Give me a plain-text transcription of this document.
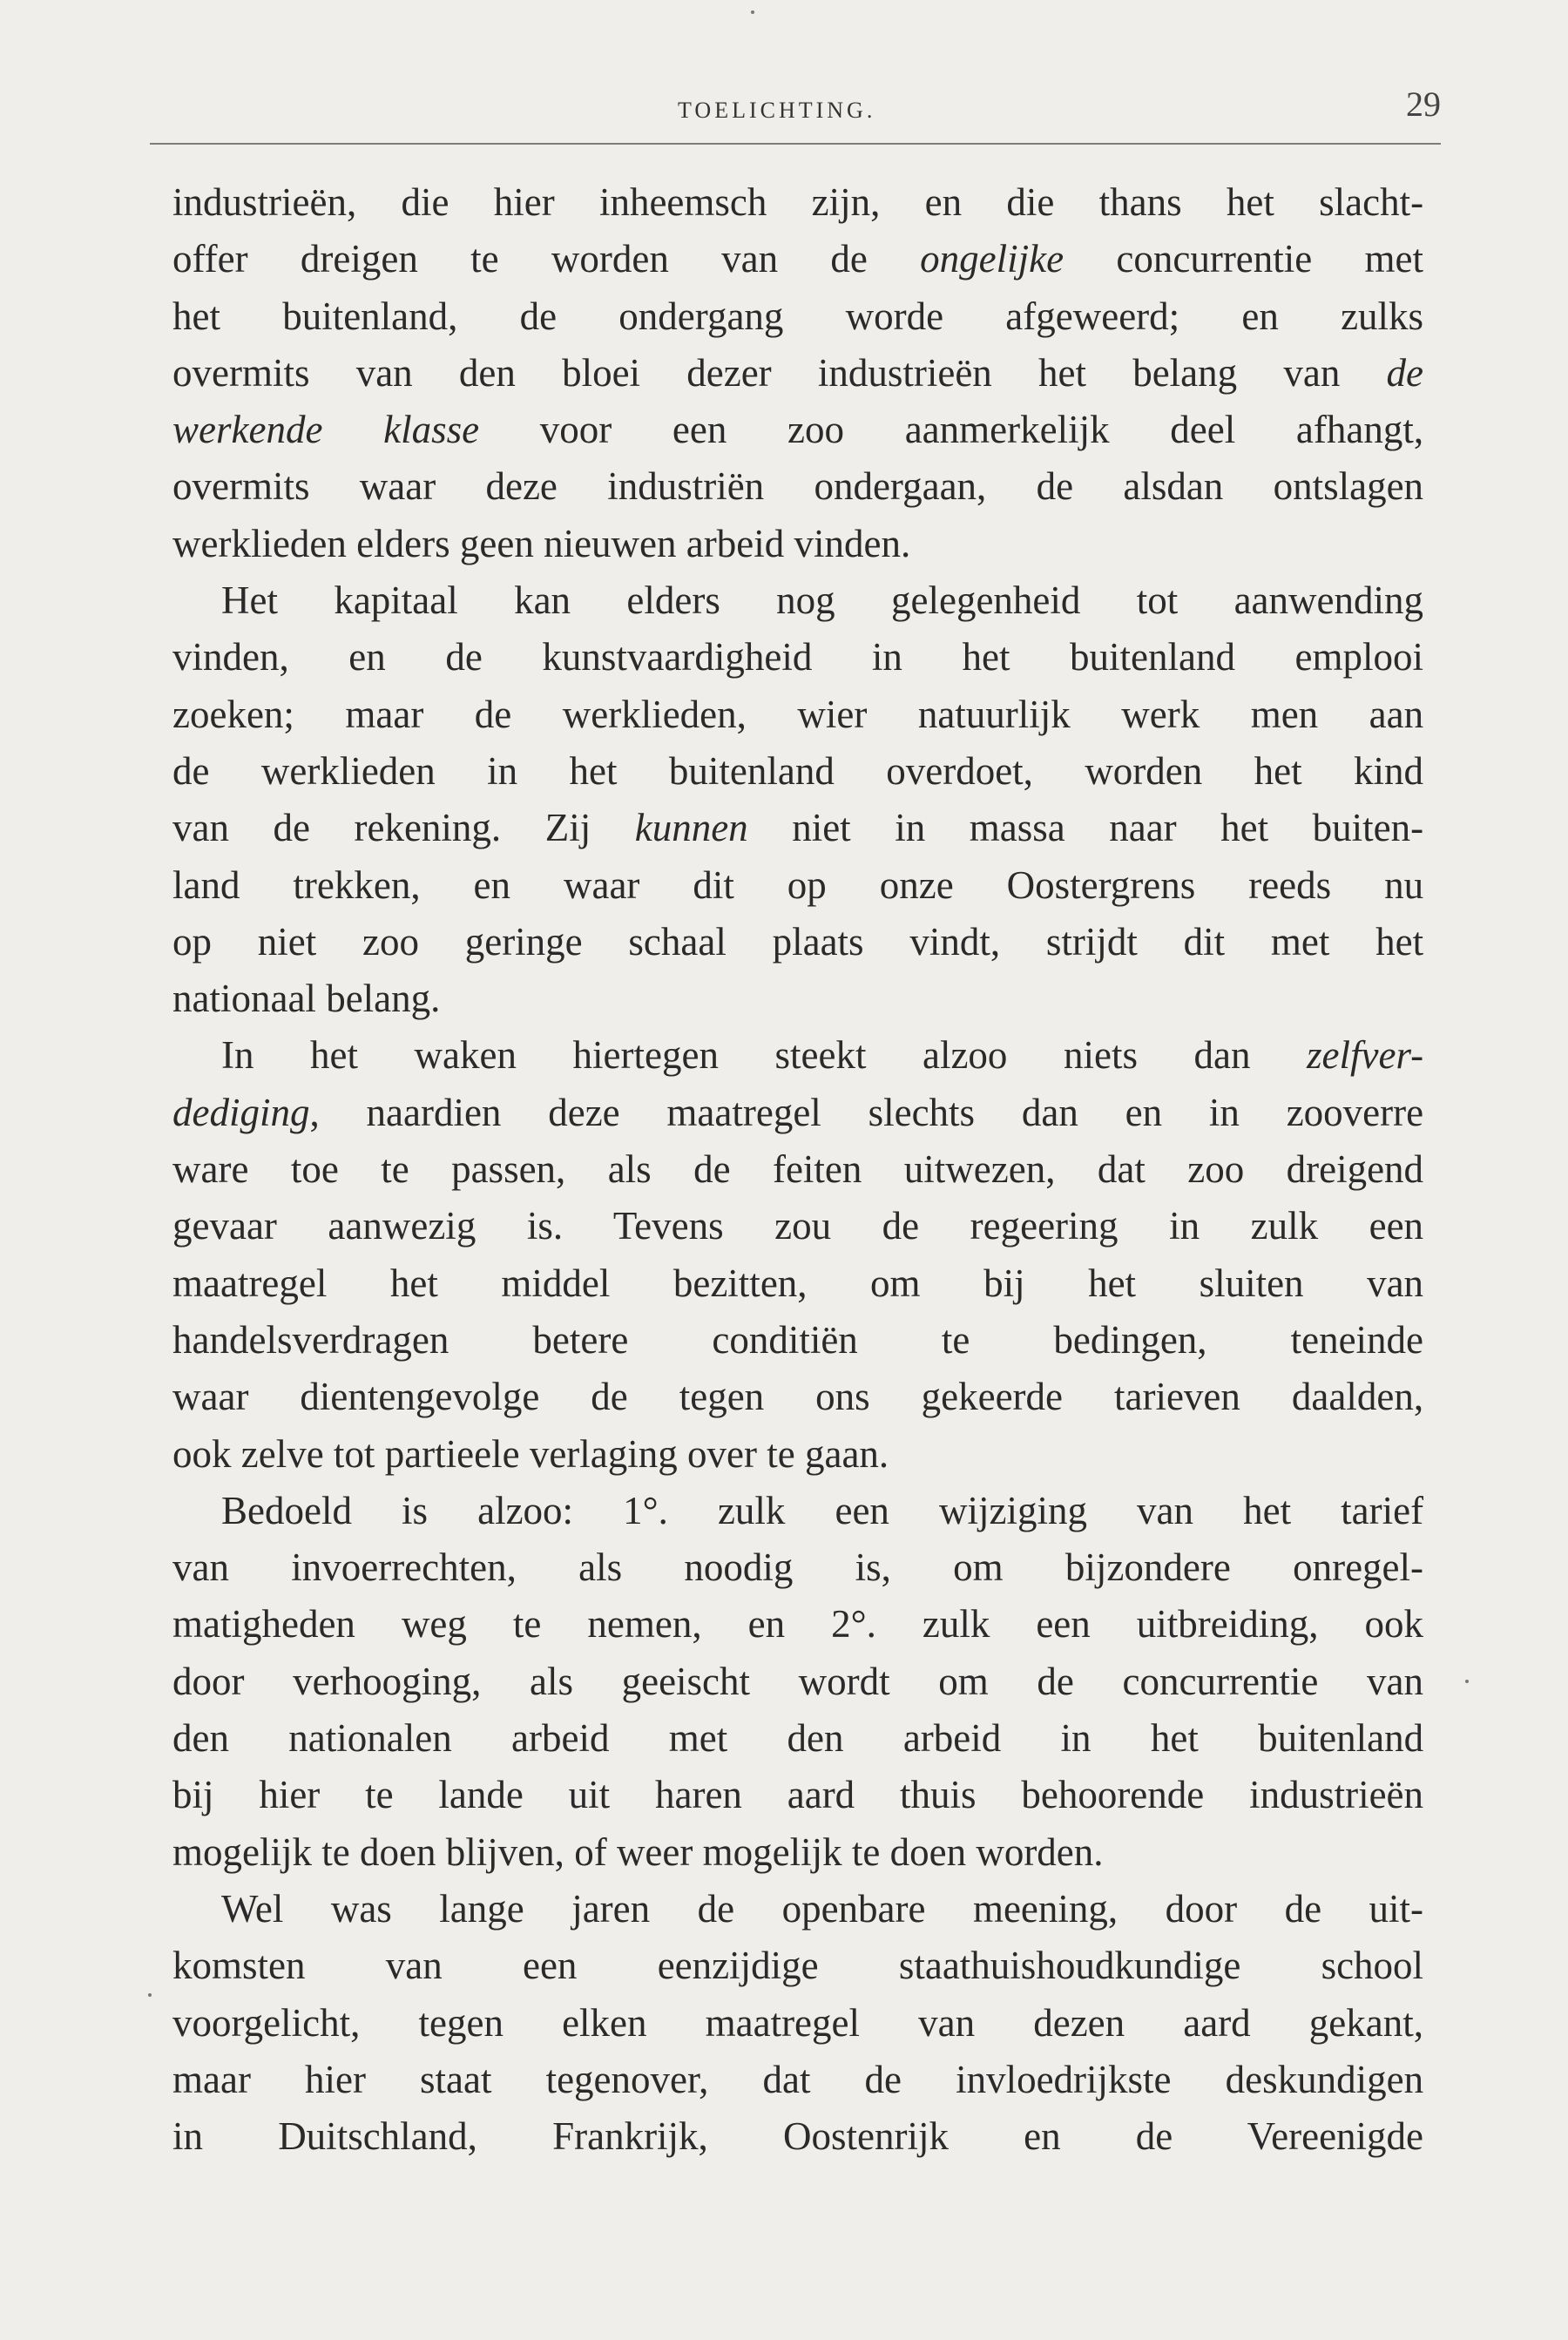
TOELICHTING.	29
industrieën, die hier inheemsch zijn, en die thans het slacht-
offer dreigen te worden van de ongelijke concurrentie met
het buitenland, de ondergang worde afgeweerd; en zulks
overmits van den bloei dezer industrieën het belang van de
werkende klasse voor een zoo aanmerkelijk deel afhangt,
overmits waar deze industriën ondergaan, de alsdan ontslagen
werklieden elders geen nieuwen arbeid vinden.
Het kapitaal kan elders nog gelegenheid tot aanwending
vinden, en de kunstvaardigheid in het buitenland emplooi
zoeken; maar de werklieden, wier natuurlijk werk men aan
de werklieden in het buitenland overdoet, worden het kind
van de rekening. Zij kunnen niet in massa naar het buiten-
land trekken, en waar dit op onze Oostergrens reeds nu
op niet zoo geringe schaal plaats vindt, strijdt dit met het
nationaal belang.
In het waken hiertegen steekt alzoo niets dan zelfver-
dediging, naardien deze maatregel slechts dan en in zooverre
ware toe te passen, als de feiten uitwezen, dat zoo dreigend
gevaar aanwezig is. Tevens zou de regeering in zulk een
maatregel het middel bezitten, om bij het sluiten van
handelsverdragen betere conditiën te bedingen, teneinde
waar dientengevolge de tegen ons gekeerde tarieven daalden,
ook zelve tot partieele verlaging over te gaan.
Bedoeld is alzoo: 1°. zulk een wijziging van het tarief
van invoerrechten, als noodig is, om bijzondere onregel-
matigheden weg te nemen, en 2°. zulk een uitbreiding, ook
door verhooging, als geeischt wordt om de concurrentie van
den nationalen arbeid met den arbeid in het buitenland
bij hier te lande uit haren aard thuis behoorende industrieën
mogelijk te doen blijven, of weer mogelijk te doen worden.
Wel was lange jaren de openbare meening, door de uit-
komsten van een eenzijdige staathuishoudkundige school
voorgelicht, tegen elken maatregel van dezen aard gekant,
maar hier staat tegenover, dat de invloedrijkste deskundigen
in Duitschland, Frankrijk, Oostenrijk en de Vereenigde
